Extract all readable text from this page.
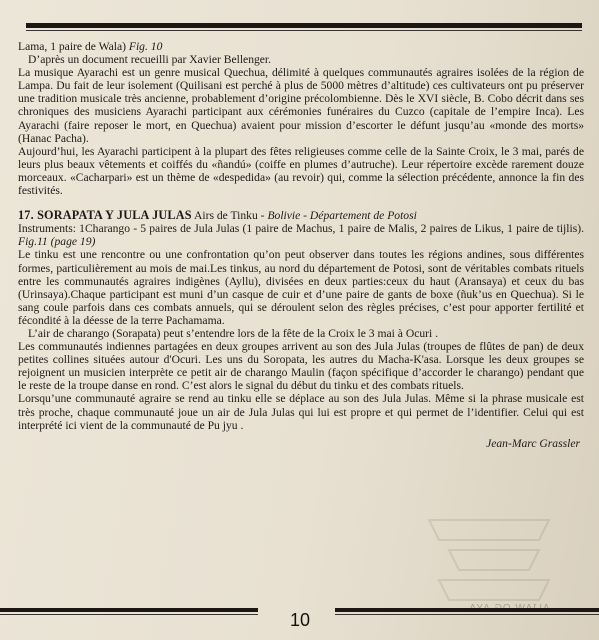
Lama, 1 paire de Wala) Fig. 10

D’après un document recueilli par Xavier Bellenger.

La musique Ayarachi est un genre musical Quechua, délimité à quelques communautés agraires isolées de la région de Lampa. Du fait de leur isolement (Quilisani est perché à plus de 5000 mètres d’altitude) ces cultivateurs ont pu préserver une tradition musicale très ancienne, probablement d’origine précolombienne. Dès le XVI siècle, B. Cobo décrit dans ses chroniques des musiciens Ayarachi participant aux cérémonies funéraires du Cuzco (capitale de l’empire Inca). Les Ayarachi (faire reposer le mort, en Quechua) avaient pour mission d’escorter le défunt jusqu’au «monde des morts» (Hanac Pacha).

Aujourd’hui, les Ayarachi participent à la plupart des fêtes religieuses comme celle de la Sainte Croix, le 3 mai, parés de leurs plus beaux vêtements et coiffés du «ñandú» (coiffe en plumes d’autruche). Leur répertoire excède rarement douze morceaux. «Cacharpari» est un thème de «despedida» (au revoir) qui, comme la sélection précédente, annonce la fin des festivités.

17. SORAPATA Y JULA JULAS Airs de Tinku - Bolivie - Département de Potosi

Instruments: 1Charango - 5 paires de Jula Julas (1 paire de Machus, 1 paire de Malis, 2 paires de Likus, 1 paire de tijlis). Fig.11 (page 19)

Le tinku est une rencontre ou une confrontation qu’on peut observer dans toutes les régions andines, sous différentes formes, particulièrement au mois de mai.Les tinkus, au nord du département de Potosi, sont de véritables combats rituels entre les communautés agraires indigènes (Ayllu), divisées en deux parties:ceux du haut (Aransaya) et ceux du bas (Urinsaya).Chaque participant est muni d’un casque de cuir et d’une paire de gants de boxe (ñuk’us en Quechua). Si le sang coule parfois dans ces combats annuels, qui se déroulent selon des règles précises, c’est pour apporter fertilité et fécondité à la déesse de la terre Pachamama.

L’air de charango (Sorapata) peut s’entendre lors de la fête de la Croix le 3 mai à Ocuri .

Les communautés indiennes partagées en deux groupes arrivent au son des Jula Julas (troupes de flûtes de pan) de deux petites collines situées autour d'Ocuri. Les uns du Soropata, les autres du Macha-K'asa. Lorsque les deux groupes se rejoignent un musicien interprète ce petit air de charango Maulin (façon spécifique d’accorder le charango) pendant que le reste de la troupe danse en rond. C’est alors le signal du début du tinku et des combats rituels.

Lorsqu’une communauté agraire se rend au tinku elle se déplace au son des Jula Julas. Même si la phrase musicale est très proche, chaque communauté joue un air de Jula Julas qui lui est propre et qui permet de l’identifier. Celui qui est interprété ici vient de la communauté de Pu jyu .

Jean-Marc Grassler

10
